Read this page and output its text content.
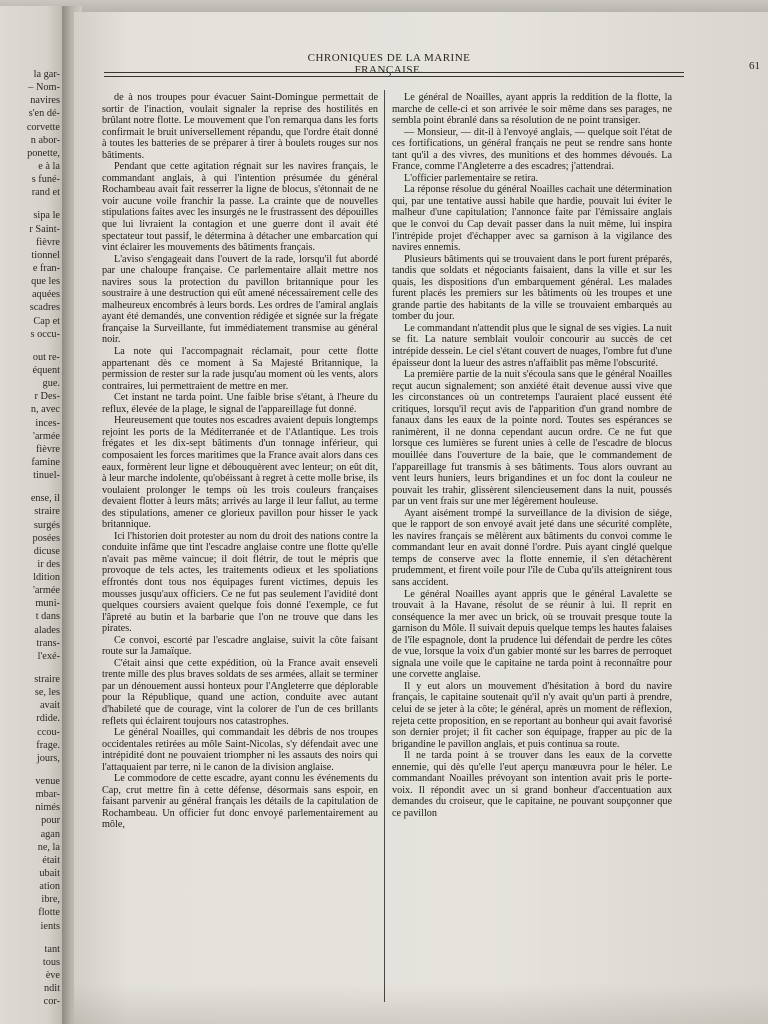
la gar-
– Nom-
navires
s'en dé-
corvette
n abor-
ponette,
e à la
s funé-
rand et
sipa le
r Saint-
fièvre
tionnel
e fran-
que les
aquées
scadres
Cap et
s occu-
out re-
équent
gue.
r Des-
n, avec
inces-
'armée
fièvre
famine
tinuel-
ense, il
straire
surgés
posées
dicuse
ir des
ldition
'armée
muni-
t dans
alades
trans-
l'exé-
straire
se, les
avait
rdide.
ccou-
frage.
jours,
venue
mbar-
nimés
pour
agan
ne, la
était
ubait
ation
ibre,
flotte
ients
tant
tous
ève
ndit
cor-
CHRONIQUES DE LA MARINE FRANÇAISE.	61

de à nos troupes pour évacuer Saint-Domingue permettait de sortir de l'inaction, voulait signaler la reprise des hostilités en brûlant notre flotte. Le mouvement que l'on remarqua dans les forts confirmait le bruit universellement répandu, que l'ordre était donné à toutes les batteries de se préparer à tirer à boulets rouges sur nos bâtiments.

Pendant que cette agitation régnait sur les navires français, le commandant anglais, à qui l'intention présumée du général Rochambeau avait fait resserrer la ligne de blocus, s'étonnait de ne voir aucune voile franchir la passe. La crainte que de nouvelles stipulations faites avec les insurgés ne le frustrassent des dépouilles que lui livraient la contagion et une guerre dont il avait été spectateur tout passif, le détermina à détacher une embarcation qui vint éclairer les mouvements des bâtiments français.

L'aviso s'engageait dans l'ouvert de la rade, lorsqu'il fut abordé par une chaloupe française. Ce parlementaire allait mettre nos navires sous la protection du pavillon britannique pour les soustraire à une destruction qui eût amené nécessairement celle des malheureux encombrés à leurs bords. Les ordres de l'amiral anglais ayant été demandés, une convention rédigée et signée sur la frégate française la Surveillante, fut immédiatement transmise au général noir.

La note qui l'accompagnait réclamait, pour cette flotte appartenant dès ce moment à Sa Majesté Britannique, la permission de rester sur la rade jusqu'au moment où les vents, alors contraires, lui permettraient de mettre en mer.

Cet instant ne tarda point. Une faible brise s'étant, à l'heure du reflux, élevée de la plage, le signal de l'appareillage fut donné.

Heureusement que toutes nos escadres avaient depuis longtemps rejoint les ports de la Méditerranée et de l'Atlantique. Les trois frégates et les dix-sept bâtiments d'un tonnage inférieur, qui composaient les forces maritimes que la France avait alors dans ces eaux, formèrent leur ligne et débouquèrent avec lenteur; on eût dit, à leur marche indolente, qu'obéissant à regret à cette molle brise, ils voulaient prolonger le temps où les trois couleurs françaises devaient flotter à leurs mâts; arrivés au large il leur fallut, au terme des stipulations, amener ce glorieux pavillon pour hisser le yack britannique.

Ici l'historien doit protester au nom du droit des nations contre la conduite infâme que tint l'escadre anglaise contre une flotte qu'elle n'avait pas même vaincue; il doit flétrir, de tout le mépris que provoque de tels actes, les traitements odieux et les spoliations effrontés dont tous nos équipages furent victimes, depuis les mousses jusqu'aux officiers. Ce ne fut pas seulement l'avidité dont quelques coursiers avaient quelque fois donné l'exemple, ce fut l'âpreté au butin et la barbarie que l'on ne trouve que dans les pirates.

Ce convoi, escorté par l'escadre anglaise, suivit la côte faisant route sur la Jamaïque.

C'était ainsi que cette expédition, où la France avait enseveli trente mille des plus braves soldats de ses armées, allait se terminer par un dénouement aussi honteux pour l'Angleterre que déplorable pour la République, quand une action, conduite avec autant d'habileté que de courage, vint la colorer de l'un de ces brillants reflets qui éclairent toujours nos catastrophes.

Le général Noailles, qui commandait les débris de nos troupes occidentales retirées au môle Saint-Nicolas, s'y défendait avec une intrépidité dont ne pouvaient triompher ni les assauts des noirs qui l'attaquaient par terre, ni le canon de la division anglaise.

Le commodore de cette escadre, ayant connu les événements du Cap, crut mettre fin à cette défense, désormais sans espoir, en faisant parvenir au général français les détails de la capitulation de Rochambeau. Un officier fut donc envoyé parlementairement au môle,

Le général de Noailles, ayant appris la reddition de la flotte, la marche de celle-ci et son arrivée le soir même dans ses parages, ne sembla point ébranlé dans sa résolution de ne point transiger.

— Monsieur, — dit-il à l'envoyé anglais, — quelque soit l'état de ces fortifications, un général français ne peut se rendre sans honte tant qu'il a des vivres, des munitions et des hommes dévoués. La France, comme l'Angleterre a des escadres; j'attendrai.

L'officier parlementaire se retira.

La réponse résolue du général Noailles cachait une détermination qui, par une tentative aussi habile que hardie, pouvait lui éviter le malheur d'une capitulation; l'annonce faite par l'émissaire anglais que le convoi du Cap devait passer dans la nuit même, lui inspira l'intrépide projet d'échapper avec sa garnison à la vigilance des navires ennemis.

Plusieurs bâtiments qui se trouvaient dans le port furent préparés, tandis que soldats et négociants faisaient, dans la ville et sur les quais, les dispositions d'un embarquement général. Les malades furent placés les premiers sur les bâtiments où les troupes et une grande partie des habitants de la ville se trouvaient embarqués au tomber du jour.

Le commandant n'attendit plus que le signal de ses vigies. La nuit se fit. La nature semblait vouloir concourir au succès de cet intrépide dessein. Le ciel s'étant couvert de nuages, l'ombre fut d'une épaisseur dont la lueur des astres n'affaiblit pas même l'obscurité.

La première partie de la nuit s'écoula sans que le général Noailles reçut aucun signalement; son anxiété était devenue aussi vive que les circonstances où un contretemps l'auraient placé eussent été critiques, lorsqu'il reçut avis de l'apparition d'un grand nombre de fanaux dans les eaux de la pointe nord. Toutes ses espérances se ranimèrent, il ne donna cependant aucun ordre. Ce ne fut que lorsque ces lumières se furent unies à celle de l'escadre de blocus mouillée dans l'ouverture de la baie, que le commandement de l'appareillage fut transmis à ses bâtiments. Tous alors ouvrant au vent leurs huniers, leurs brigandines et un foc dont la couleur ne pouvait les trahir, glissèrent silencieusement dans la nuit, poussés par un vent frais sur une mer légèrement houleuse.

Ayant aisément trompé la surveillance de la division de siége, que le rapport de son envoyé avait jeté dans une sécurité complète, les navires français se mêlèrent aux bâtiments du convoi comme le commandant leur en avait donné l'ordre. Puis ayant cinglé quelque temps de conserve avec la flotte ennemie, il s'en détachèrent prudemment, et firent voile pour l'île de Cuba qu'ils atteignirent tous sans accident.

Le général Noailles ayant appris que le général Lavalette se trouvait à la Havane, résolut de se réunir à lui. Il reprit en conséquence la mer avec un brick, où se trouvait presque toute la garnison du Môle. Il suivait depuis quelque temps les hautes falaises de l'île espagnole, dont la prudence lui défendait de perdre les côtes de vue, lorsque la voix d'un gabier monté sur les barres de perroquet signala une voile que le capitaine ne tarda point à reconnaître pour une corvette anglaise.

Il y eut alors un mouvement d'hésitation à bord du navire français, le capitaine soutenait qu'il n'y avait qu'un parti à prendre, celui de se jeter à la côte; le général, après un moment de réflexion, rejeta cette proposition, en se reportant au bonheur qui avait favorisé son dernier projet; il fit cacher son équipage, frapper au pic de la brigandine le pavillon anglais, et puis continua sa route.

Il ne tarda point à se trouver dans les eaux de la corvette ennemie, qui dès qu'elle l'eut aperçu manœuvra pour le héler. Le commandant Noailles prévoyant son intention avait pris le porte-voix. Il répondit avec un si grand bonheur d'accentuation aux demandes du croiseur, que le capitaine, ne pouvant soupçonner que ce pavillon
